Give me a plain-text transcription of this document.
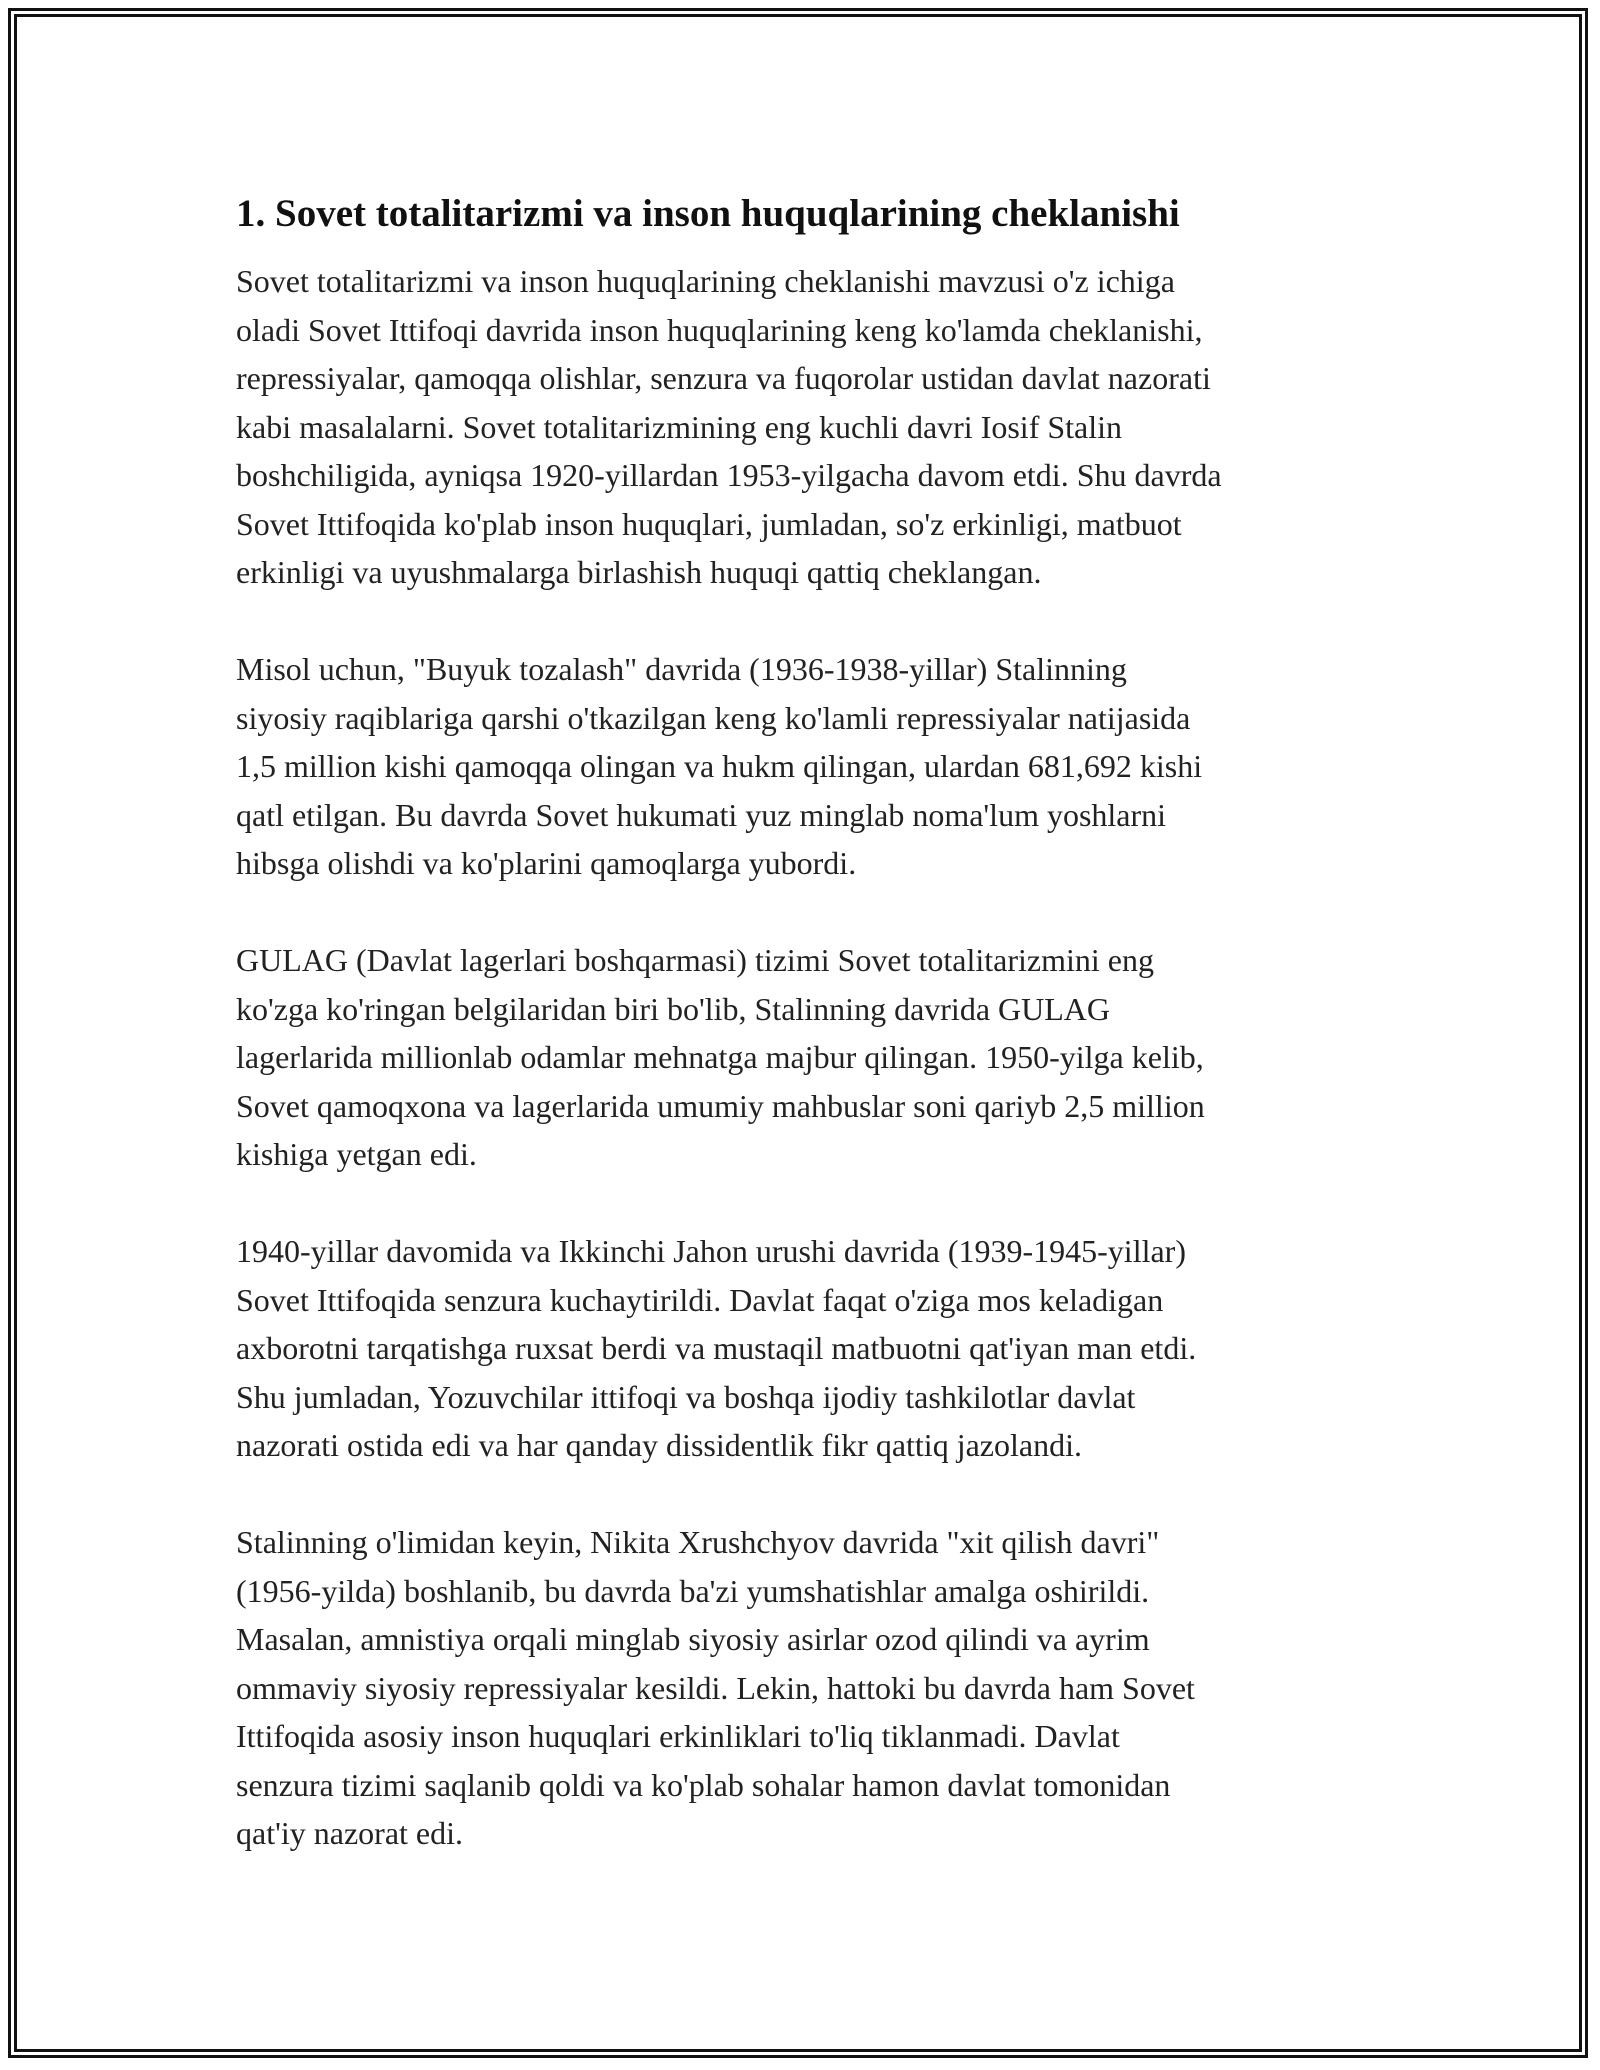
1. Sovet totalitarizmi va inson huquqlarining cheklanishi

Sovet totalitarizmi va inson huquqlarining cheklanishi mavzusi o'z ichiga
oladi Sovet Ittifoqi davrida inson huquqlarining keng ko'lamda cheklanishi,
repressiyalar, qamoqqa olishlar, senzura va fuqorolar ustidan davlat nazorati
kabi masalalarni. Sovet totalitarizmining eng kuchli davri Iosif Stalin
boshchiligida, ayniqsa 1920-yillardan 1953-yilgacha davom etdi. Shu davrda
Sovet Ittifoqida ko'plab inson huquqlari, jumladan, so'z erkinligi, matbuot
erkinligi va uyushmalarga birlashish huquqi qattiq cheklangan.

Misol uchun, "Buyuk tozalash" davrida (1936-1938-yillar) Stalinning
siyosiy raqiblariga qarshi o'tkazilgan keng ko'lamli repressiyalar natijasida
1,5 million kishi qamoqqa olingan va hukm qilingan, ulardan 681,692 kishi
qatl etilgan. Bu davrda Sovet hukumati yuz minglab noma'lum yoshlarni
hibsga olishdi va ko'plarini qamoqlarga yubordi.

GULAG (Davlat lagerlari boshqarmasi) tizimi Sovet totalitarizmini eng
ko'zga ko'ringan belgilaridan biri bo'lib, Stalinning davrida GULAG
lagerlarida millionlab odamlar mehnatga majbur qilingan. 1950-yilga kelib,
Sovet qamoqxona va lagerlarida umumiy mahbuslar soni qariyb 2,5 million
kishiga yetgan edi.

1940-yillar davomida va Ikkinchi Jahon urushi davrida (1939-1945-yillar)
Sovet Ittifoqida senzura kuchaytirildi. Davlat faqat o'ziga mos keladigan
axborotni tarqatishga ruxsat berdi va mustaqil matbuotni qat'iyan man etdi.
Shu jumladan, Yozuvchilar ittifoqi va boshqa ijodiy tashkilotlar davlat
nazorati ostida edi va har qanday dissidentlik fikr qattiq jazolandi.

Stalinning o'limidan keyin, Nikita Xrushchyov davrida "xit qilish davri"
(1956-yilda) boshlanib, bu davrda ba'zi yumshatishlar amalga oshirildi.
Masalan, amnistiya orqali minglab siyosiy asirlar ozod qilindi va ayrim
ommaviy siyosiy repressiyalar kesildi. Lekin, hattoki bu davrda ham Sovet
Ittifoqida asosiy inson huquqlari erkinliklari to'liq tiklanmadi. Davlat
senzura tizimi saqlanib qoldi va ko'plab sohalar hamon davlat tomonidan
qat'iy nazorat edi.
